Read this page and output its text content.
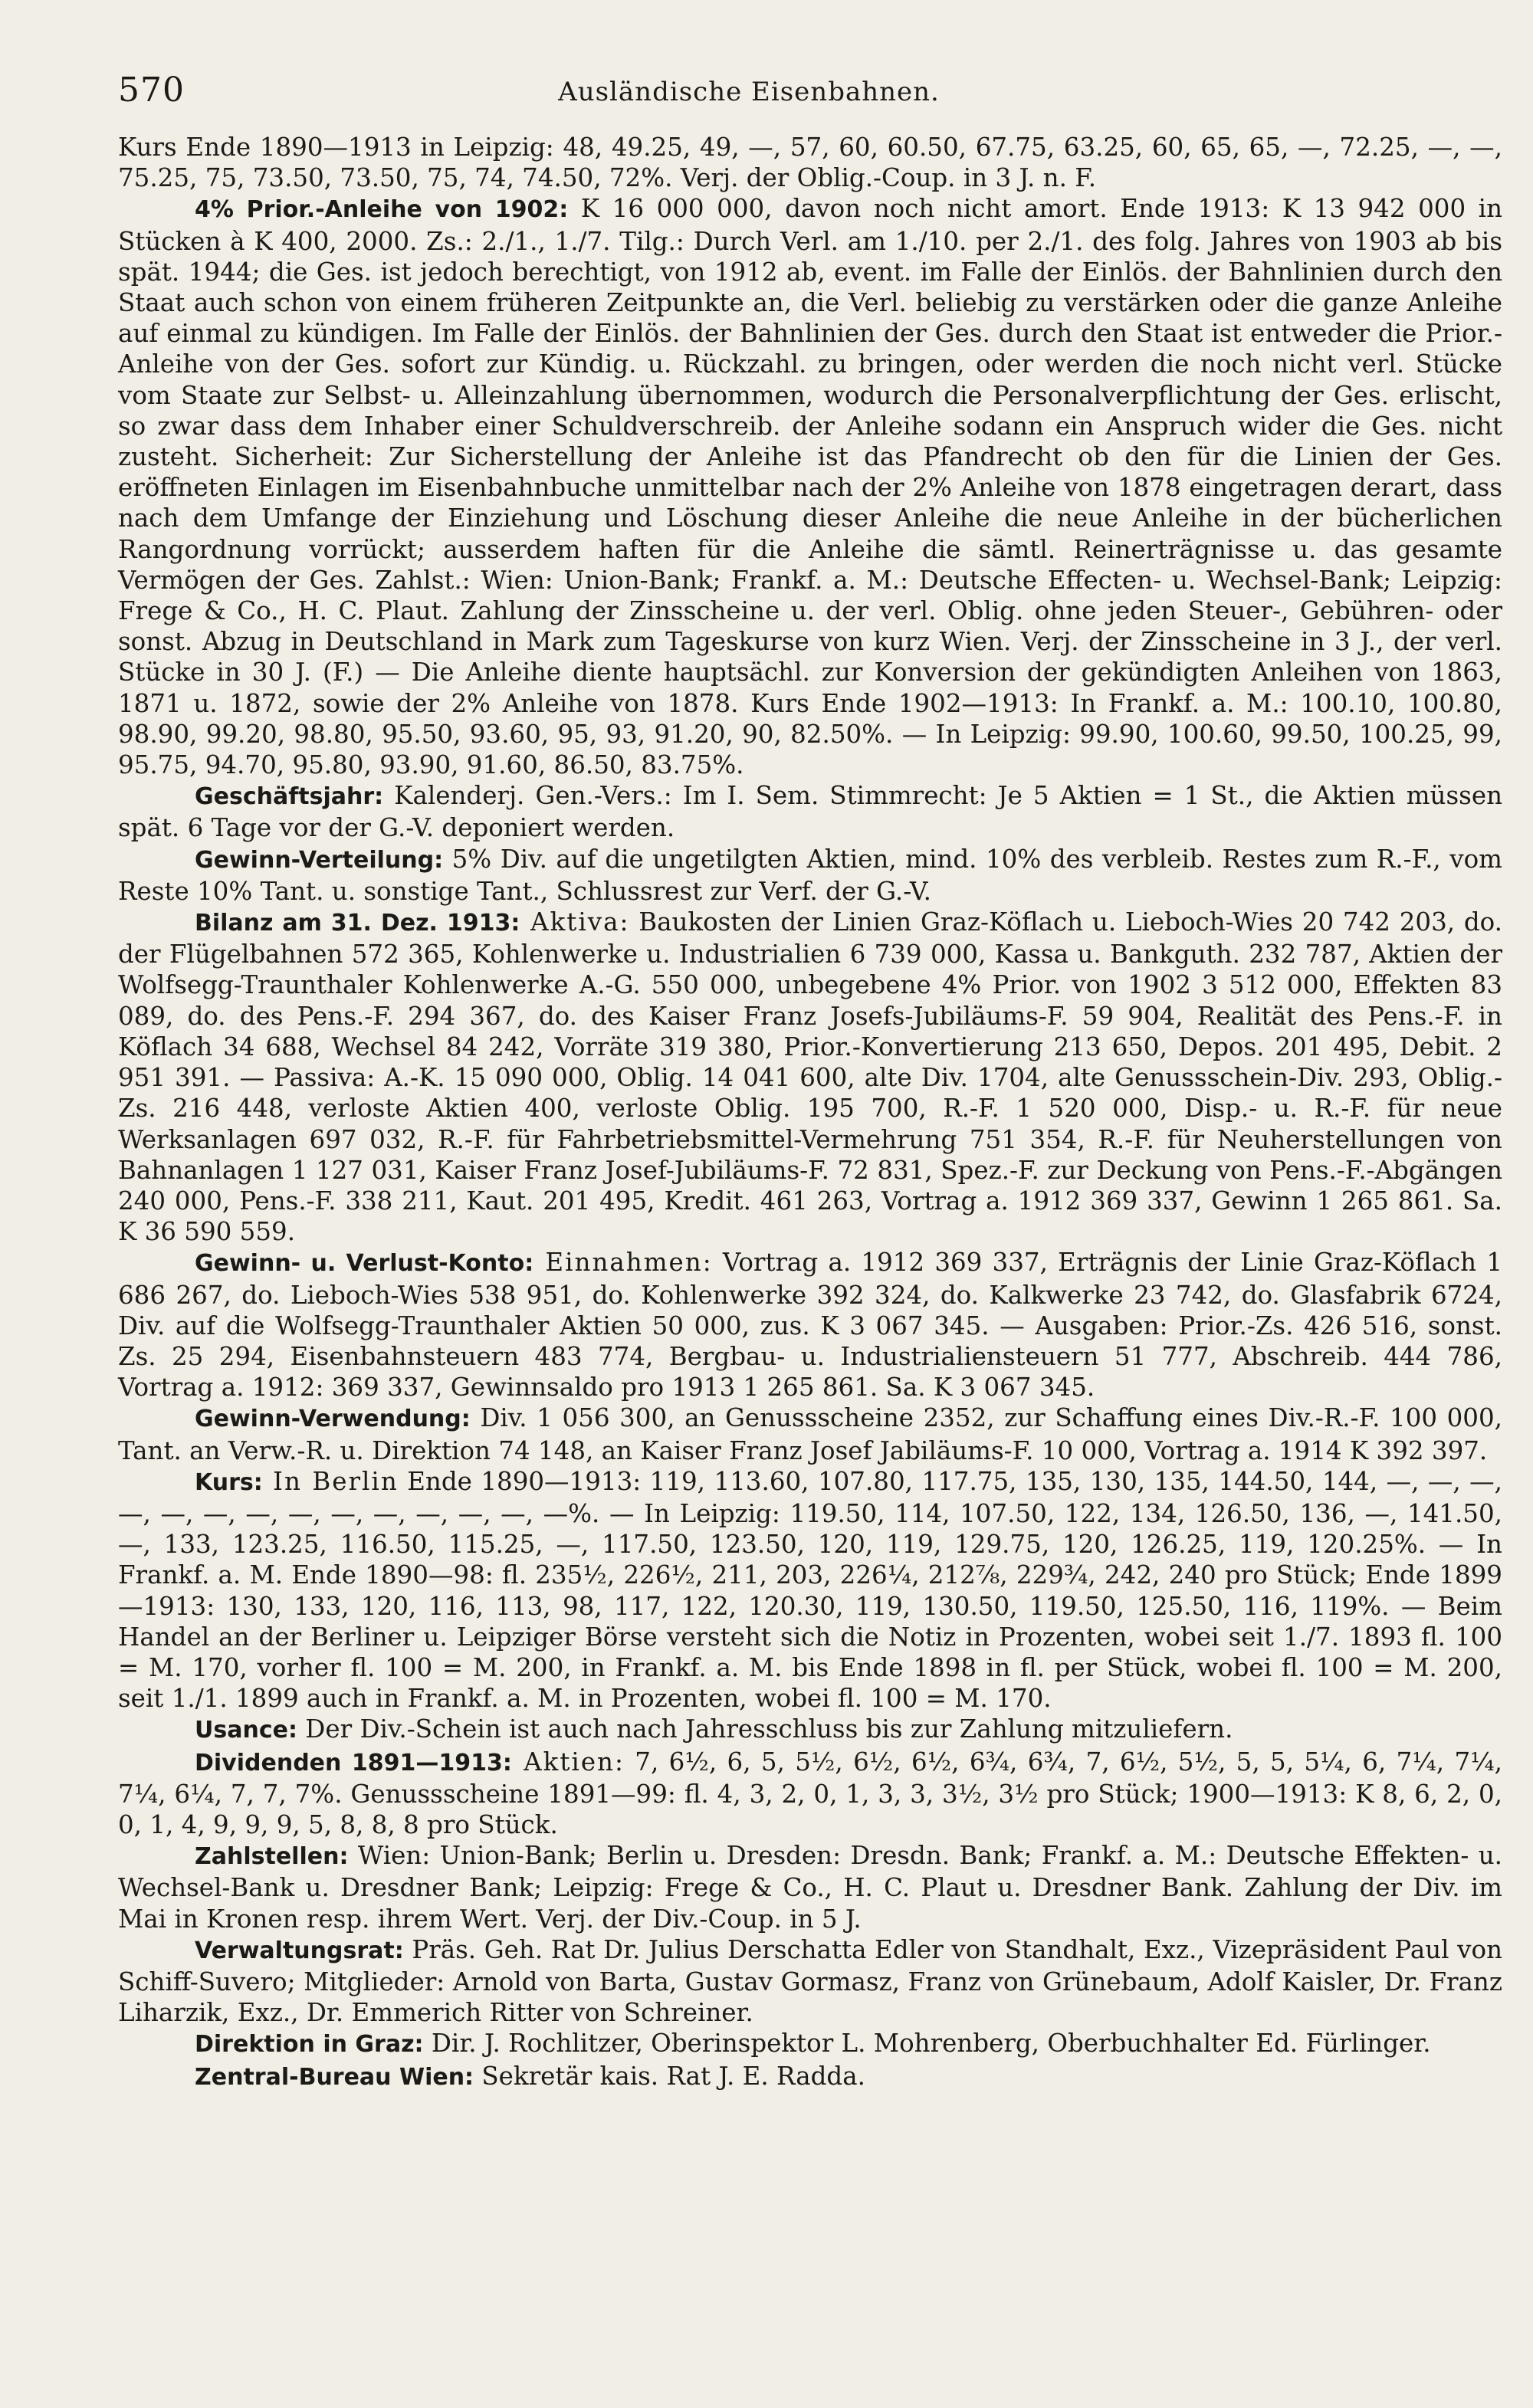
570	Ausländische Eisenbahnen.

Kurs Ende 1890—1913 in Leipzig: 48, 49.25, 49, —, 57, 60, 60.50, 67.75, 63.25, 60, 65, 65, —, 72.25, —, —, 75.25, 75, 73.50, 73.50, 75, 74, 74.50, 72%. Verj. der Oblig.-Coup. in 3 J. n. F.

4% Prior.-Anleihe von 1902: K 16 000 000, davon noch nicht amort. Ende 1913: K 13 942 000 in Stücken à K 400, 2000. Zs.: 2./1., 1./7. Tilg.: Durch Verl. am 1./10. per 2./1. des folg. Jahres von 1903 ab bis spät. 1944; die Ges. ist jedoch berechtigt, von 1912 ab, event. im Falle der Einlös. der Bahnlinien durch den Staat auch schon von einem früheren Zeitpunkte an, die Verl. beliebig zu verstärken oder die ganze Anleihe auf einmal zu kündigen. Im Falle der Einlös. der Bahnlinien der Ges. durch den Staat ist entweder die Prior.-Anleihe von der Ges. sofort zur Kündig. u. Rückzahl. zu bringen, oder werden die noch nicht verl. Stücke vom Staate zur Selbst- u. Alleinzahlung übernommen, wodurch die Personalverpflichtung der Ges. erlischt, so zwar dass dem Inhaber einer Schuldverschreib. der Anleihe sodann ein Anspruch wider die Ges. nicht zusteht. Sicherheit: Zur Sicherstellung der Anleihe ist das Pfandrecht ob den für die Linien der Ges. eröffneten Einlagen im Eisenbahnbuche unmittelbar nach der 2% Anleihe von 1878 eingetragen derart, dass nach dem Umfange der Einziehung und Löschung dieser Anleihe die neue Anleihe in der bücherlichen Rangordnung vorrückt; ausserdem haften für die Anleihe die sämtl. Reinerträgnisse u. das gesamte Vermögen der Ges. Zahlst.: Wien: Union-Bank; Frankf. a. M.: Deutsche Effecten- u. Wechsel-Bank; Leipzig: Frege & Co., H. C. Plaut. Zahlung der Zinsscheine u. der verl. Oblig. ohne jeden Steuer-, Gebühren- oder sonst. Abzug in Deutschland in Mark zum Tageskurse von kurz Wien. Verj. der Zinsscheine in 3 J., der verl. Stücke in 30 J. (F.) — Die Anleihe diente hauptsächl. zur Konversion der gekündigten Anleihen von 1863, 1871 u. 1872, sowie der 2% Anleihe von 1878. Kurs Ende 1902—1913: In Frankf. a. M.: 100.10, 100.80, 98.90, 99.20, 98.80, 95.50, 93.60, 95, 93, 91.20, 90, 82.50%. — In Leipzig: 99.90, 100.60, 99.50, 100.25, 99, 95.75, 94.70, 95.80, 93.90, 91.60, 86.50, 83.75%.

Geschäftsjahr: Kalenderj. Gen.-Vers.: Im I. Sem. Stimmrecht: Je 5 Aktien = 1 St., die Aktien müssen spät. 6 Tage vor der G.-V. deponiert werden.

Gewinn-Verteilung: 5% Div. auf die ungetilgten Aktien, mind. 10% des verbleib. Restes zum R.-F., vom Reste 10% Tant. u. sonstige Tant., Schlussrest zur Verf. der G.-V.

Bilanz am 31. Dez. 1913: Aktiva: Baukosten der Linien Graz-Köflach u. Lieboch-Wies 20 742 203, do. der Flügelbahnen 572 365, Kohlenwerke u. Industrialien 6 739 000, Kassa u. Bankguth. 232 787, Aktien der Wolfsegg-Traunthaler Kohlenwerke A.-G. 550 000, unbegebene 4% Prior. von 1902 3 512 000, Effekten 83 089, do. des Pens.-F. 294 367, do. des Kaiser Franz Josefs-Jubiläums-F. 59 904, Realität des Pens.-F. in Köflach 34 688, Wechsel 84 242, Vorräte 319 380, Prior.-Konvertierung 213 650, Depos. 201 495, Debit. 2 951 391. — Passiva: A.-K. 15 090 000, Oblig. 14 041 600, alte Div. 1704, alte Genussschein-Div. 293, Oblig.-Zs. 216 448, verloste Aktien 400, verloste Oblig. 195 700, R.-F. 1 520 000, Disp.- u. R.-F. für neue Werksanlagen 697 032, R.-F. für Fahrbetriebsmittel-Vermehrung 751 354, R.-F. für Neuherstellungen von Bahnanlagen 1 127 031, Kaiser Franz Josef-Jubiläums-F. 72 831, Spez.-F. zur Deckung von Pens.-F.-Abgängen 240 000, Pens.-F. 338 211, Kaut. 201 495, Kredit. 461 263, Vortrag a. 1912 369 337, Gewinn 1 265 861. Sa. K 36 590 559.

Gewinn- u. Verlust-Konto: Einnahmen: Vortrag a. 1912 369 337, Erträgnis der Linie Graz-Köflach 1 686 267, do. Lieboch-Wies 538 951, do. Kohlenwerke 392 324, do. Kalkwerke 23 742, do. Glasfabrik 6724, Div. auf die Wolfsegg-Traunthaler Aktien 50 000, zus. K 3 067 345. — Ausgaben: Prior.-Zs. 426 516, sonst. Zs. 25 294, Eisenbahnsteuern 483 774, Bergbau- u. Industrialiensteuern 51 777, Abschreib. 444 786, Vortrag a. 1912: 369 337, Gewinnsaldo pro 1913 1 265 861. Sa. K 3 067 345.

Gewinn-Verwendung: Div. 1 056 300, an Genussscheine 2352, zur Schaffung eines Div.-R.-F. 100 000, Tant. an Verw.-R. u. Direktion 74 148, an Kaiser Franz Josef Jabiläums-F. 10 000, Vortrag a. 1914 K 392 397.

Kurs: In Berlin Ende 1890—1913: 119, 113.60, 107.80, 117.75, 135, 130, 135, 144.50, 144, —, —, —, —, —, —, —, —, —, —, —, —, —, —%. — In Leipzig: 119.50, 114, 107.50, 122, 134, 126.50, 136, —, 141.50, —, 133, 123.25, 116.50, 115.25, —, 117.50, 123.50, 120, 119, 129.75, 120, 126.25, 119, 120.25%. — In Frankf. a. M. Ende 1890—98: fl. 235½, 226½, 211, 203, 226¼, 212⅞, 229¾, 242, 240 pro Stück; Ende 1899—1913: 130, 133, 120, 116, 113, 98, 117, 122, 120.30, 119, 130.50, 119.50, 125.50, 116, 119%. — Beim Handel an der Berliner u. Leipziger Börse versteht sich die Notiz in Prozenten, wobei seit 1./7. 1893 fl. 100 = M. 170, vorher fl. 100 = M. 200, in Frankf. a. M. bis Ende 1898 in fl. per Stück, wobei fl. 100 = M. 200, seit 1./1. 1899 auch in Frankf. a. M. in Prozenten, wobei fl. 100 = M. 170.

Usance: Der Div.-Schein ist auch nach Jahresschluss bis zur Zahlung mitzuliefern.

Dividenden 1891—1913: Aktien: 7, 6½, 6, 5, 5½, 6½, 6½, 6¾, 6¾, 7, 6½, 5½, 5, 5, 5¼, 6, 7¼, 7¼, 7¼, 6¼, 7, 7, 7%. Genussscheine 1891—99: fl. 4, 3, 2, 0, 1, 3, 3, 3½, 3½ pro Stück; 1900—1913: K 8, 6, 2, 0, 0, 1, 4, 9, 9, 9, 5, 8, 8, 8 pro Stück.

Zahlstellen: Wien: Union-Bank; Berlin u. Dresden: Dresdn. Bank; Frankf. a. M.: Deutsche Effekten- u. Wechsel-Bank u. Dresdner Bank; Leipzig: Frege & Co., H. C. Plaut u. Dresdner Bank. Zahlung der Div. im Mai in Kronen resp. ihrem Wert. Verj. der Div.-Coup. in 5 J.

Verwaltungsrat: Präs. Geh. Rat Dr. Julius Derschatta Edler von Standhalt, Exz., Vizepräsident Paul von Schiff-Suvero; Mitglieder: Arnold von Barta, Gustav Gormasz, Franz von Grünebaum, Adolf Kaisler, Dr. Franz Liharzik, Exz., Dr. Emmerich Ritter von Schreiner.

Direktion in Graz: Dir. J. Rochlitzer, Oberinspektor L. Mohrenberg, Oberbuchhalter Ed. Fürlinger.

Zentral-Bureau Wien: Sekretär kais. Rat J. E. Radda.
